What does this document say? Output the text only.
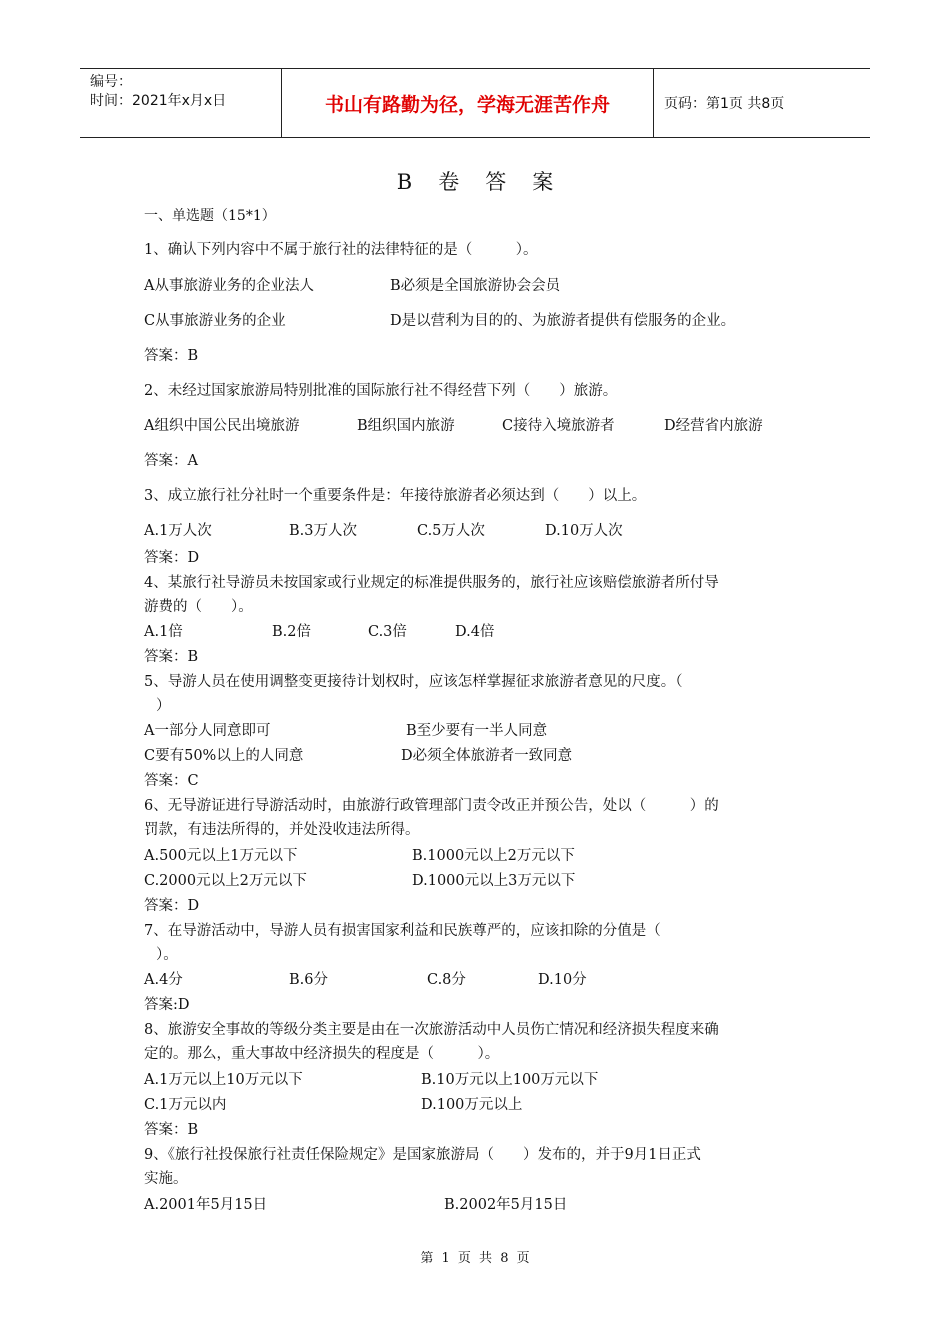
编号：
时间：2021年x月x日	书山有路勤为径，学海无涯苦作舟	页码：第1页 共8页
B卷答案
一、单选题（15*1）
1、确认下列内容中不属于旅行社的法律特征的是（　　　）。
A从事旅游业务的企业法人	B必须是全国旅游协会会员
C从事旅游业务的企业	D是以营利为目的的、为旅游者提供有偿服务的企业。
答案：B
2、未经过国家旅游局特别批准的国际旅行社不得经营下列（　　）旅游。
A组织中国公民出境旅游	B组织国内旅游	C接待入境旅游者	D经营省内旅游
答案：A
3、成立旅行社分社时一个重要条件是：年接待旅游者必须达到（　　）以上。
A.1万人次	B.3万人次	C.5万人次	D.10万人次
答案：D
4、某旅行社导游员未按国家或行业规定的标准提供服务的，旅行社应该赔偿旅游者所付导
游费的（　　）。
A.1倍	B.2倍	C.3倍	D.4倍
答案：B
5、导游人员在使用调整变更接待计划权时，应该怎样掌握征求旅游者意见的尺度。（
）
A一部分人同意即可	B至少要有一半人同意
C要有50%以上的人同意	D必须全体旅游者一致同意
答案：C
6、无导游证进行导游活动时，由旅游行政管理部门责令改正并预公告，处以（　　　）的
罚款，有违法所得的，并处没收违法所得。
A.500元以上1万元以下	B.1000元以上2万元以下
C.2000元以上2万元以下	D.1000元以上3万元以下
答案：D
7、在导游活动中，导游人员有损害国家利益和民族尊严的，应该扣除的分值是（
）。
A.4分	B.6分	C.8分	D.10分
答案:D
8、旅游安全事故的等级分类主要是由在一次旅游活动中人员伤亡情况和经济损失程度来确
定的。那么，重大事故中经济损失的程度是（　　　）。
A.1万元以上10万元以下	B.10万元以上100万元以下
C.1万元以内	D.100万元以上
答案：B
9、《旅行社投保旅行社责任保险规定》是国家旅游局（　　）发布的，并于9月1日正式
实施。
A.2001年5月15日	B.2002年5月15日
第 1 页 共 8 页
